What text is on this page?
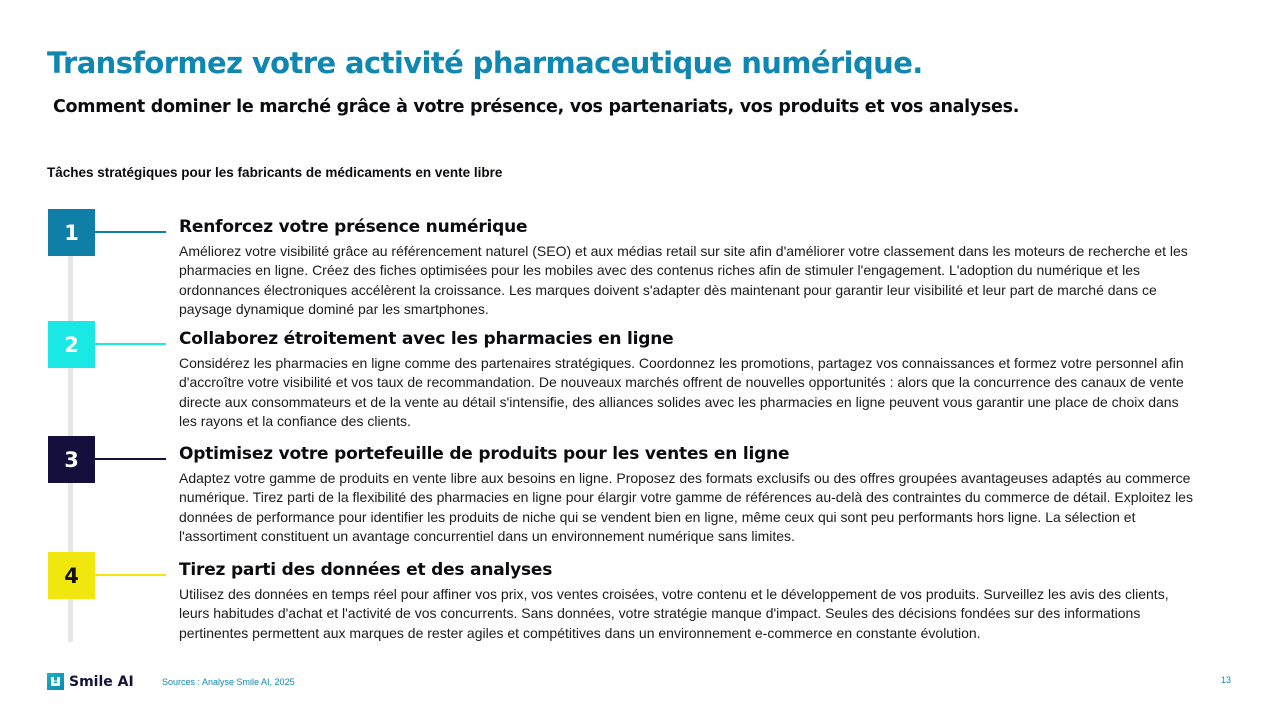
Transformez votre activité pharmaceutique numérique.
Comment dominer le marché grâce à votre présence, vos partenariats, vos produits et vos analyses.
Tâches stratégiques pour les fabricants de médicaments en vente libre
1	Renforcez votre présence numérique
Améliorez votre visibilité grâce au référencement naturel (SEO) et aux médias retail sur site afin d'améliorer votre classement dans les moteurs de recherche et les pharmacies en ligne. Créez des fiches optimisées pour les mobiles avec des contenus riches afin de stimuler l'engagement. L'adoption du numérique et les ordonnances électroniques accélèrent la croissance. Les marques doivent s'adapter dès maintenant pour garantir leur visibilité et leur part de marché dans ce paysage dynamique dominé par les smartphones.
2	Collaborez étroitement avec les pharmacies en ligne
Considérez les pharmacies en ligne comme des partenaires stratégiques. Coordonnez les promotions, partagez vos connaissances et formez votre personnel afin d'accroître votre visibilité et vos taux de recommandation. De nouveaux marchés offrent de nouvelles opportunités : alors que la concurrence des canaux de vente directe aux consommateurs et de la vente au détail s'intensifie, des alliances solides avec les pharmacies en ligne peuvent vous garantir une place de choix dans les rayons et la confiance des clients.
3	Optimisez votre portefeuille de produits pour les ventes en ligne
Adaptez votre gamme de produits en vente libre aux besoins en ligne. Proposez des formats exclusifs ou des offres groupées avantageuses adaptés au commerce numérique. Tirez parti de la flexibilité des pharmacies en ligne pour élargir votre gamme de références au-delà des contraintes du commerce de détail. Exploitez les données de performance pour identifier les produits de niche qui se vendent bien en ligne, même ceux qui sont peu performants hors ligne. La sélection et l'assortiment constituent un avantage concurrentiel dans un environnement numérique sans limites.
4	Tirez parti des données et des analyses
Utilisez des données en temps réel pour affiner vos prix, vos ventes croisées, votre contenu et le développement de vos produits. Surveillez les avis des clients, leurs habitudes d'achat et l'activité de vos concurrents. Sans données, votre stratégie manque d'impact. Seules des décisions fondées sur des informations pertinentes permettent aux marques de rester agiles et compétitives dans un environnement e-commerce en constante évolution.
Smile AI	Sources : Analyse Smile AI, 2025	13
